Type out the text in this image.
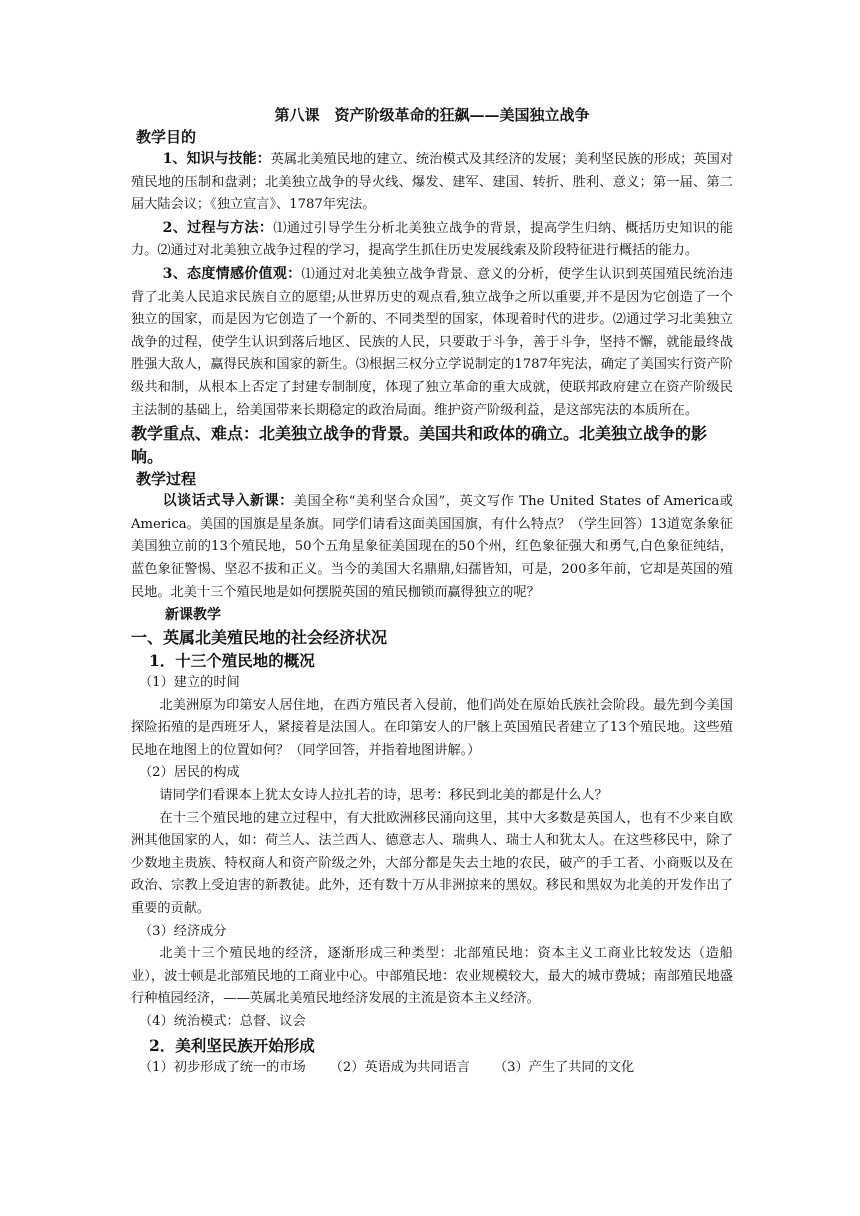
第八课　资产阶级革命的狂飙——美国独立战争

教学目的

1、知识与技能：英属北美殖民地的建立、统治模式及其经济的发展；美利坚民族的形成；英国对殖民地的压制和盘剥；北美独立战争的导火线、爆发、建军、建国、转折、胜利、意义；第一届、第二届大陆会议；《独立宣言》、1787年宪法。

2、过程与方法：⑴通过引导学生分析北美独立战争的背景，提高学生归纳、概括历史知识的能力。⑵通过对北美独立战争过程的学习，提高学生抓住历史发展线索及阶段特征进行概括的能力。

3、态度情感价值观：⑴通过对北美独立战争背景、意义的分析，使学生认识到英国殖民统治违背了北美人民追求民族自立的愿望;从世界历史的观点看,独立战争之所以重要,并不是因为它创造了一个独立的国家，而是因为它创造了一个新的、不同类型的国家，体现着时代的进步。⑵通过学习北美独立战争的过程，使学生认识到落后地区、民族的人民，只要敢于斗争，善于斗争，坚持不懈，就能最终战胜强大敌人，赢得民族和国家的新生。⑶根据三权分立学说制定的1787年宪法，确定了美国实行资产阶级共和制，从根本上否定了封建专制制度，体现了独立革命的重大成就，使联邦政府建立在资产阶级民主法制的基础上，给美国带来长期稳定的政治局面。维护资产阶级利益，是这部宪法的本质所在。

教学重点、难点：北美独立战争的背景。美国共和政体的确立。北美独立战争的影响。

教学过程

以谈话式导入新课：美国全称“美利坚合众国”，英文写作 The United States of America或 America。美国的国旗是星条旗。同学们请看这面美国国旗，有什么特点？（学生回答）13道宽条象征美国独立前的13个殖民地，50个五角星象征美国现在的50个州，红色象征强大和勇气,白色象征纯结，蓝色象征警惕、坚忍不拔和正义。当今的美国大名鼎鼎,妇孺皆知，可是，200多年前，它却是英国的殖民地。北美十三个殖民地是如何摆脱英国的殖民枷锁而赢得独立的呢？

新课教学

一、英属北美殖民地的社会经济状况

1．十三个殖民地的概况

（1）建立的时间

北美洲原为印第安人居住地，在西方殖民者入侵前，他们尚处在原始氏族社会阶段。最先到今美国探险拓殖的是西班牙人，紧接着是法国人。在印第安人的尸骸上英国殖民者建立了13个殖民地。这些殖民地在地图上的位置如何？（同学回答，并指着地图讲解。）

（2）居民的构成

请同学们看课本上犹太女诗人拉扎若的诗，思考：移民到北美的都是什么人？

在十三个殖民地的建立过程中，有大批欧洲移民涌向这里，其中大多数是英国人，也有不少来自欧洲其他国家的人，如：荷兰人、法兰西人、德意志人、瑞典人、瑞士人和犹太人。在这些移民中，除了少数地主贵族、特权商人和资产阶级之外，大部分都是失去土地的农民，破产的手工者、小商贩以及在政治、宗教上受迫害的新教徒。此外，还有数十万从非洲掠来的黑奴。移民和黑奴为北美的开发作出了重要的贡献。

（3）经济成分

北美十三个殖民地的经济，逐渐形成三种类型：北部殖民地：资本主义工商业比较发达（造船业），波士顿是北部殖民地的工商业中心。中部殖民地：农业规模较大，最大的城市费城；南部殖民地盛行种植园经济，——英属北美殖民地经济发展的主流是资本主义经济。

（4）统治模式：总督、议会

2．美利坚民族开始形成

（1）初步形成了统一的市场 （2）英语成为共同语言 （3）产生了共同的文化
